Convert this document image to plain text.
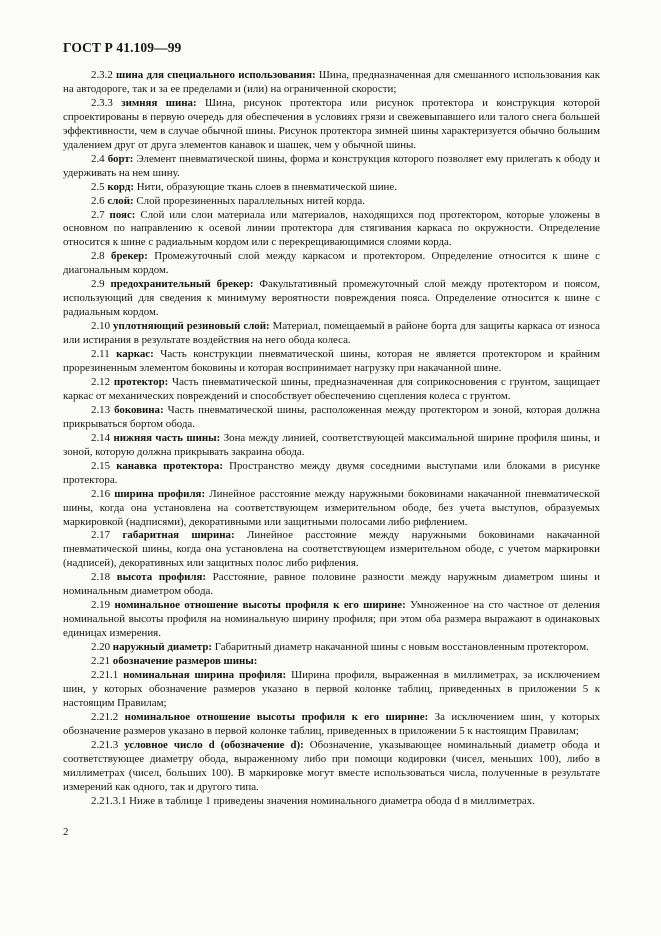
ГОСТ Р 41.109—99

2.3.2 шина для специального использования: Шина, предназначенная для смешанного использования как на автодороге, так и за ее пределами и (или) на ограниченной скорости;

2.3.3 зимняя шина: Шина, рисунок протектора или рисунок протектора и конструкция которой спроектированы в первую очередь для обеспечения в условиях грязи и свежевыпавшего или талого снега большей эффективности, чем в случае обычной шины. Рисунок протектора зимней шины характеризуется обычно большим удалением друг от друга элементов канавок и шашек, чем у обычной шины.

2.4 борт: Элемент пневматической шины, форма и конструкция которого позволяет ему прилегать к ободу и удерживать на нем шину.

2.5 корд: Нити, образующие ткань слоев в пневматической шине.

2.6 слой: Слой прорезиненных параллельных нитей корда.

2.7 пояс: Слой или слои материала или материалов, находящихся под протектором, которые уложены в основном по направлению к осевой линии протектора для стягивания каркаса по окружности. Определение относится к шине с радиальным кордом или с перекрещивающимися слоями корда.

2.8 брекер: Промежуточный слой между каркасом и протектором. Определение относится к шине с диагональным кордом.

2.9 предохранительный брекер: Факультативный промежуточный слой между протектором и поясом, использующий для сведения к минимуму вероятности повреждения пояса. Определение относится к шине с радиальным кордом.

2.10 уплотняющий резиновый слой: Материал, помещаемый в районе борта для защиты каркаса от износа или истирания в результате воздействия на него обода колеса.

2.11 каркас: Часть конструкции пневматической шины, которая не является протектором и крайним прорезиненным элементом боковины и которая воспринимает нагрузку при накачанной шине.

2.12 протектор: Часть пневматической шины, предназначенная для соприкосновения с грунтом, защищает каркас от механических повреждений и способствует обеспечению сцепления колеса с грунтом.

2.13 боковина: Часть пневматической шины, расположенная между протектором и зоной, которая должна прикрываться бортом обода.

2.14 нижняя часть шины: Зона между линией, соответствующей максимальной ширине профиля шины, и зоной, которую должна прикрывать закраина обода.

2.15 канавка протектора: Пространство между двумя соседними выступами или блоками в рисунке протектора.

2.16 ширина профиля: Линейное расстояние между наружными боковинами накачанной пневматической шины, когда она установлена на соответствующем измерительном ободе, без учета выступов, образуемых маркировкой (надписями), декоративными или защитными полосами либо рифлением.

2.17 габаритная ширина: Линейное расстояние между наружными боковинами накачанной пневматической шины, когда она установлена на соответствующем измерительном ободе, с учетом маркировки (надписей), декоративных или защитных полос либо рифления.

2.18 высота профиля: Расстояние, равное половине разности между наружным диаметром шины и номинальным диаметром обода.

2.19 номинальное отношение высоты профиля к его ширине: Умноженное на сто частное от деления номинальной высоты профиля на номинальную ширину профиля; при этом оба размера выражают в одинаковых единицах измерения.

2.20 наружный диаметр: Габаритный диаметр накачанной шины с новым восстановленным протектором.

2.21 обозначение размеров шины:

2.21.1 номинальная ширина профиля: Ширина профиля, выраженная в миллиметрах, за исключением шин, у которых обозначение размеров указано в первой колонке таблиц, приведенных в приложении 5 к настоящим Правилам;

2.21.2 номинальное отношение высоты профиля к его ширине: За исключением шин, у которых обозначение размеров указано в первой колонке таблиц, приведенных в приложении 5 к настоящим Правилам;

2.21.3 условное число d (обозначение d): Обозначение, указывающее номинальный диаметр обода и соответствующее диаметру обода, выраженному либо при помощи кодировки (чисел, меньших 100), либо в миллиметрах (чисел, больших 100). В маркировке могут вместе использоваться числа, полученные в результате измерений как одного, так и другого типа.

2.21.3.1 Ниже в таблице 1 приведены значения номинального диаметра обода d в миллиметрах.

2
